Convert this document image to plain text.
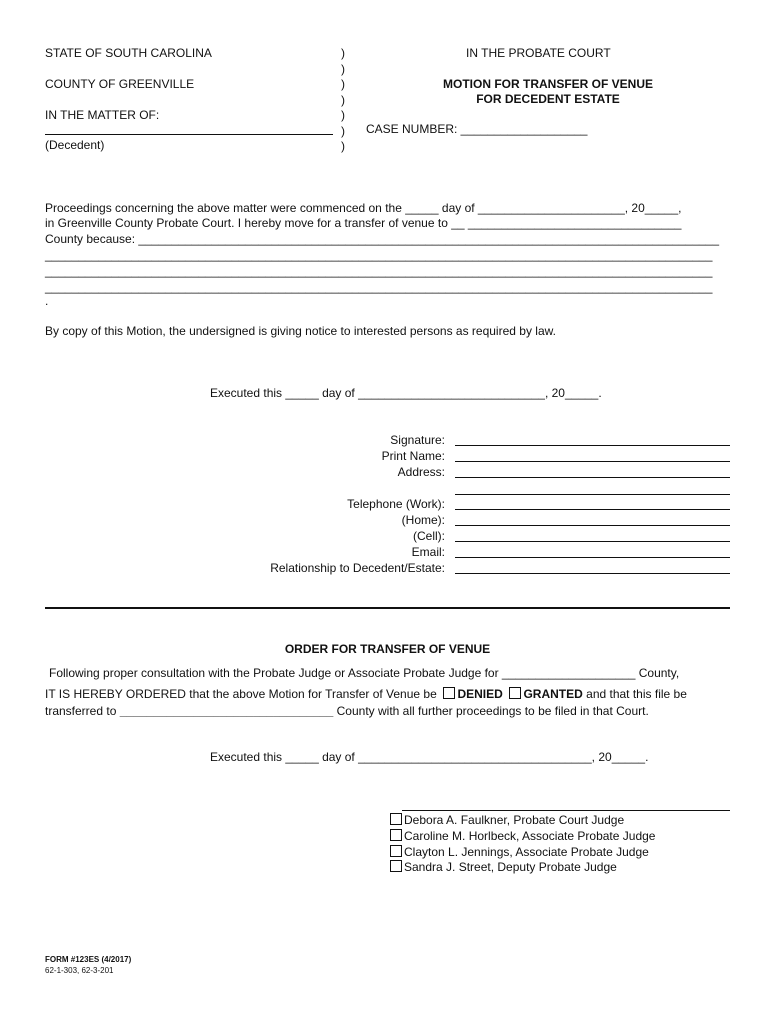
STATE OF SOUTH CAROLINA
COUNTY OF GREENVILLE
IN THE MATTER OF:
(Decedent)
)
)
)
)
)
)
)
IN THE PROBATE COURT
MOTION FOR TRANSFER OF VENUE
FOR DECEDENT ESTATE
CASE NUMBER: ___________________
Proceedings concerning the above matter were commenced on the _____ day of ______________________, 20_____,
in Greenville County Probate Court. I hereby move for a transfer of venue to __ ________________________________
County because: _______________________________________________________________________________________
____________________________________________________________________________________________________
____________________________________________________________________________________________________
____________________________________________________________________________________________________
.
By copy of this Motion, the undersigned is giving notice to interested persons as required by law.
Executed this _____ day of ____________________________, 20_____.
Signature:
Print Name:
Address:
Telephone (Work):
(Home):
(Cell):
Email:
Relationship to Decedent/Estate:
ORDER FOR TRANSFER OF VENUE
Following proper consultation with the Probate Judge or Associate Probate Judge for ____________________ County,
IT IS HEREBY ORDERED that the above Motion for Transfer of Venue be DENIED GRANTED and that this file be
transferred to ________________________________ County with all further proceedings to be filed in that Court.
Executed this _____ day of ___________________________________, 20_____.
Debora A. Faulkner, Probate Court Judge
Caroline M. Horlbeck, Associate Probate Judge
Clayton L. Jennings, Associate Probate Judge
Sandra J. Street, Deputy Probate Judge
FORM #123ES (4/2017)
62-1-303, 62-3-201
